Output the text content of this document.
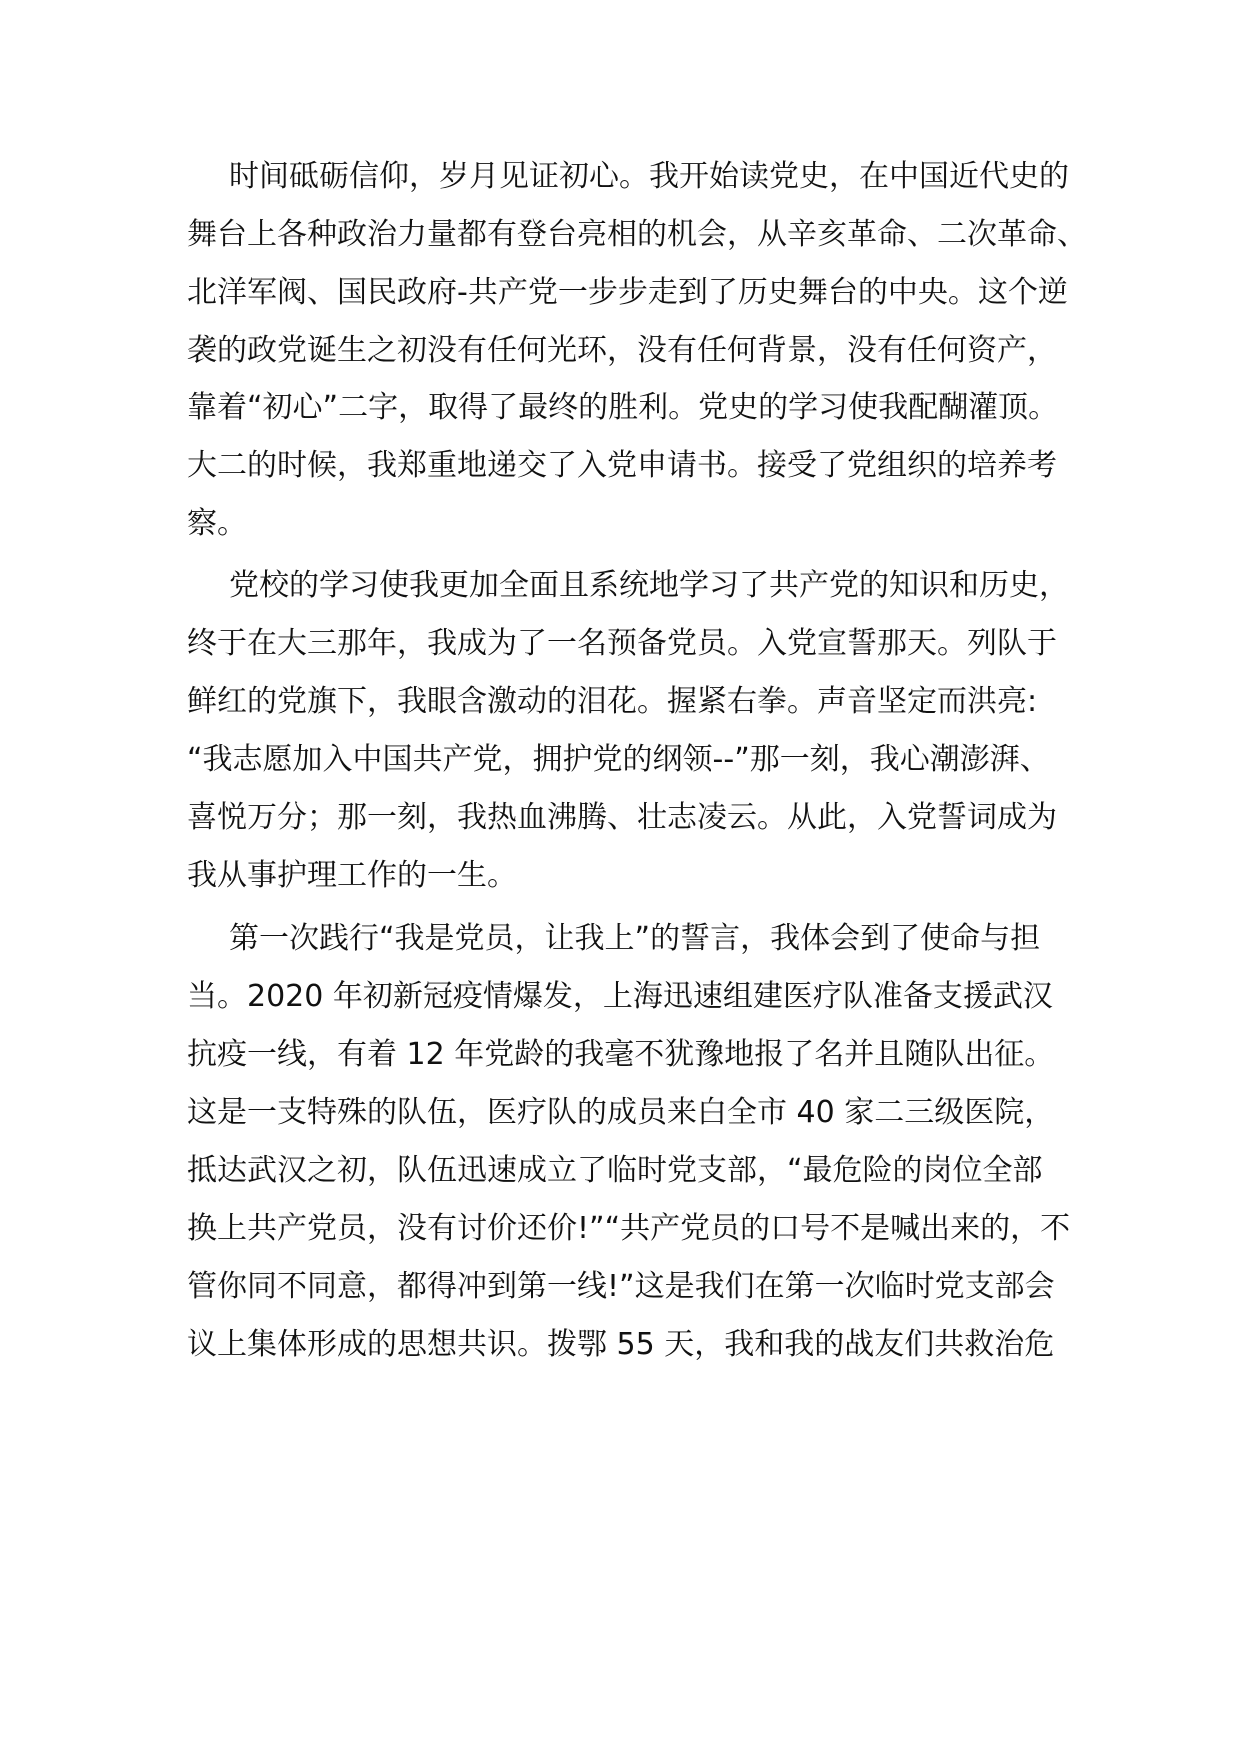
时间砥砺信仰，岁月见证初心。我开始读党史，在中国近代史的

舞台上各种政治力量都有登台亮相的机会，从辛亥革命、二次革命、

北洋军阀、国民政府-共产党一步步走到了历史舞台的中央。这个逆

袭的政党诞生之初没有任何光环，没有任何背景，没有任何资产，

靠着“初心”二字，取得了最终的胜利。党史的学习使我配醐灌顶。

大二的时候，我郑重地递交了入党申请书。接受了党组织的培养考

察。

党校的学习使我更加全面且系统地学习了共产党的知识和历史，

终于在大三那年，我成为了一名预备党员。入党宣誓那天。列队于

鲜红的党旗下，我眼含激动的泪花。握紧右拳。声音坚定而洪亮:

“我志愿加入中国共产党，拥护党的纲领--”那一刻，我心潮澎湃、

喜悦万分；那一刻，我热血沸腾、壮志凌云。从此，入党誓词成为

我从事护理工作的一生。

第一次践行“我是党员，让我上”的誓言，我体会到了使命与担

当。2020 年初新冠疫情爆发，上海迅速组建医疗队准备支援武汉

抗疫一线，有着 12 年党龄的我毫不犹豫地报了名并且随队出征。

这是一支特殊的队伍，医疗队的成员来白全市 40 家二三级医院，

抵达武汉之初，队伍迅速成立了临时党支部，“最危险的岗位全部

换上共产党员，没有讨价还价!”“共产党员的口号不是喊出来的，不

管你同不同意，都得冲到第一线!”这是我们在第一次临时党支部会

议上集体形成的思想共识。拨鄂 55 天，我和我的战友们共救治危
